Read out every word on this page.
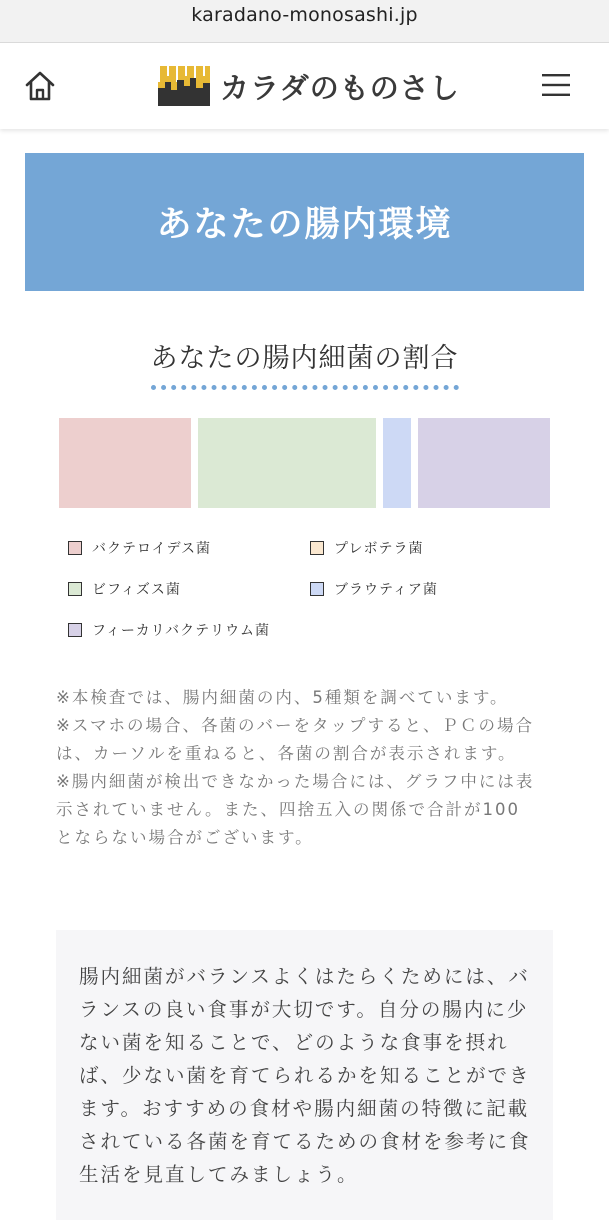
karadano-monosashi.jp
カラダのものさし
あなたの腸内環境
あなたの腸内細菌の割合
バクテロイデス菌	プレボテラ菌
ビフィズス菌	ブラウティア菌
フィーカリバクテリウム菌

※本検査では、腸内細菌の内、5種類を調べています。

※スマホの場合、各菌のバーをタップすると、ＰＣの場合は、カーソルを重ねると、各菌の割合が表示されます。

※腸内細菌が検出できなかった場合には、グラフ中には表示されていません。また、四捨五入の関係で合計が100とならない場合がございます。

腸内細菌がバランスよくはたらくためには、バランスの良い食事が大切です。自分の腸内に少ない菌を知ることで、どのような食事を摂れば、少ない菌を育てられるかを知ることができます。おすすめの食材や腸内細菌の特徴に記載されている各菌を育てるための食材を参考に食生活を見直してみましょう。
